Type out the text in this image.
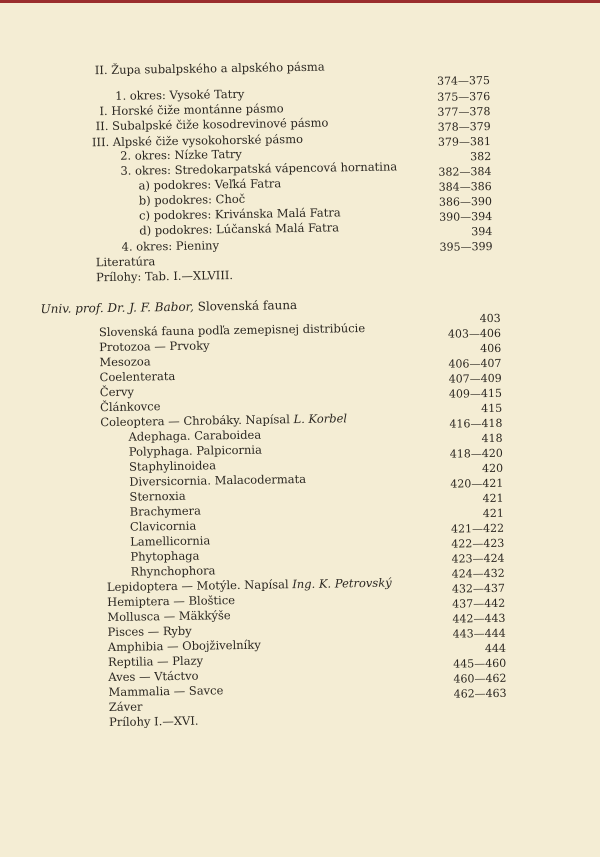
II. Župa subalpského a alpského pásma
1. okres: Vysoké Tatry
374—375
I. Horské čiže montánne pásmo
375—376
II. Subalpské čiže kosodrevinové pásmo
377—378
III. Alpské čiže vysokohorské pásmo
378—379
2. okres: Nízke Tatry
379—381
3. okres: Stredokarpatská vápencová hornatina
382
a) podokres: Veľká Fatra
382—384
b) podokres: Choč
384—386
c) podokres: Krivánska Malá Fatra
386—390
d) podokres: Lúčanská Malá Fatra
390—394
4. okres: Pieniny
394
Literatúra
395—399
Prílohy: Tab. I.—XLVIII.
Univ. prof. Dr. J. F. Babor, Slovenská fauna
Slovenská fauna podľa zemepisnej distribúcie
403
Protozoa — Prvoky
403—406
Mesozoa
406
Coelenterata
406—407
Červy
407—409
Článkovce
409—415
Coleoptera — Chrobáky. Napísal L. Korbel
415
Adephaga. Caraboidea
416—418
Polyphaga. Palpicornia
418
Staphylinoidea
418—420
Diversicornia. Malacodermata
420
Sternoxia
420—421
Brachymera
421
Clavicornia
421
Lamellicornia
421—422
Phytophaga
422—423
Rhynchophora
423—424
Lepidoptera — Motýle. Napísal Ing. K. Petrovský
424—432
Hemiptera — Bloštice
432—437
Mollusca — Mäkkýše
437—442
Pisces — Ryby
442—443
Amphibia — Obojživelníky
443—444
Reptilia — Plazy
444
Aves — Vtáctvo
445—460
Mammalia — Savce
460—462
Záver
462—463
Prílohy I.—XVI.
